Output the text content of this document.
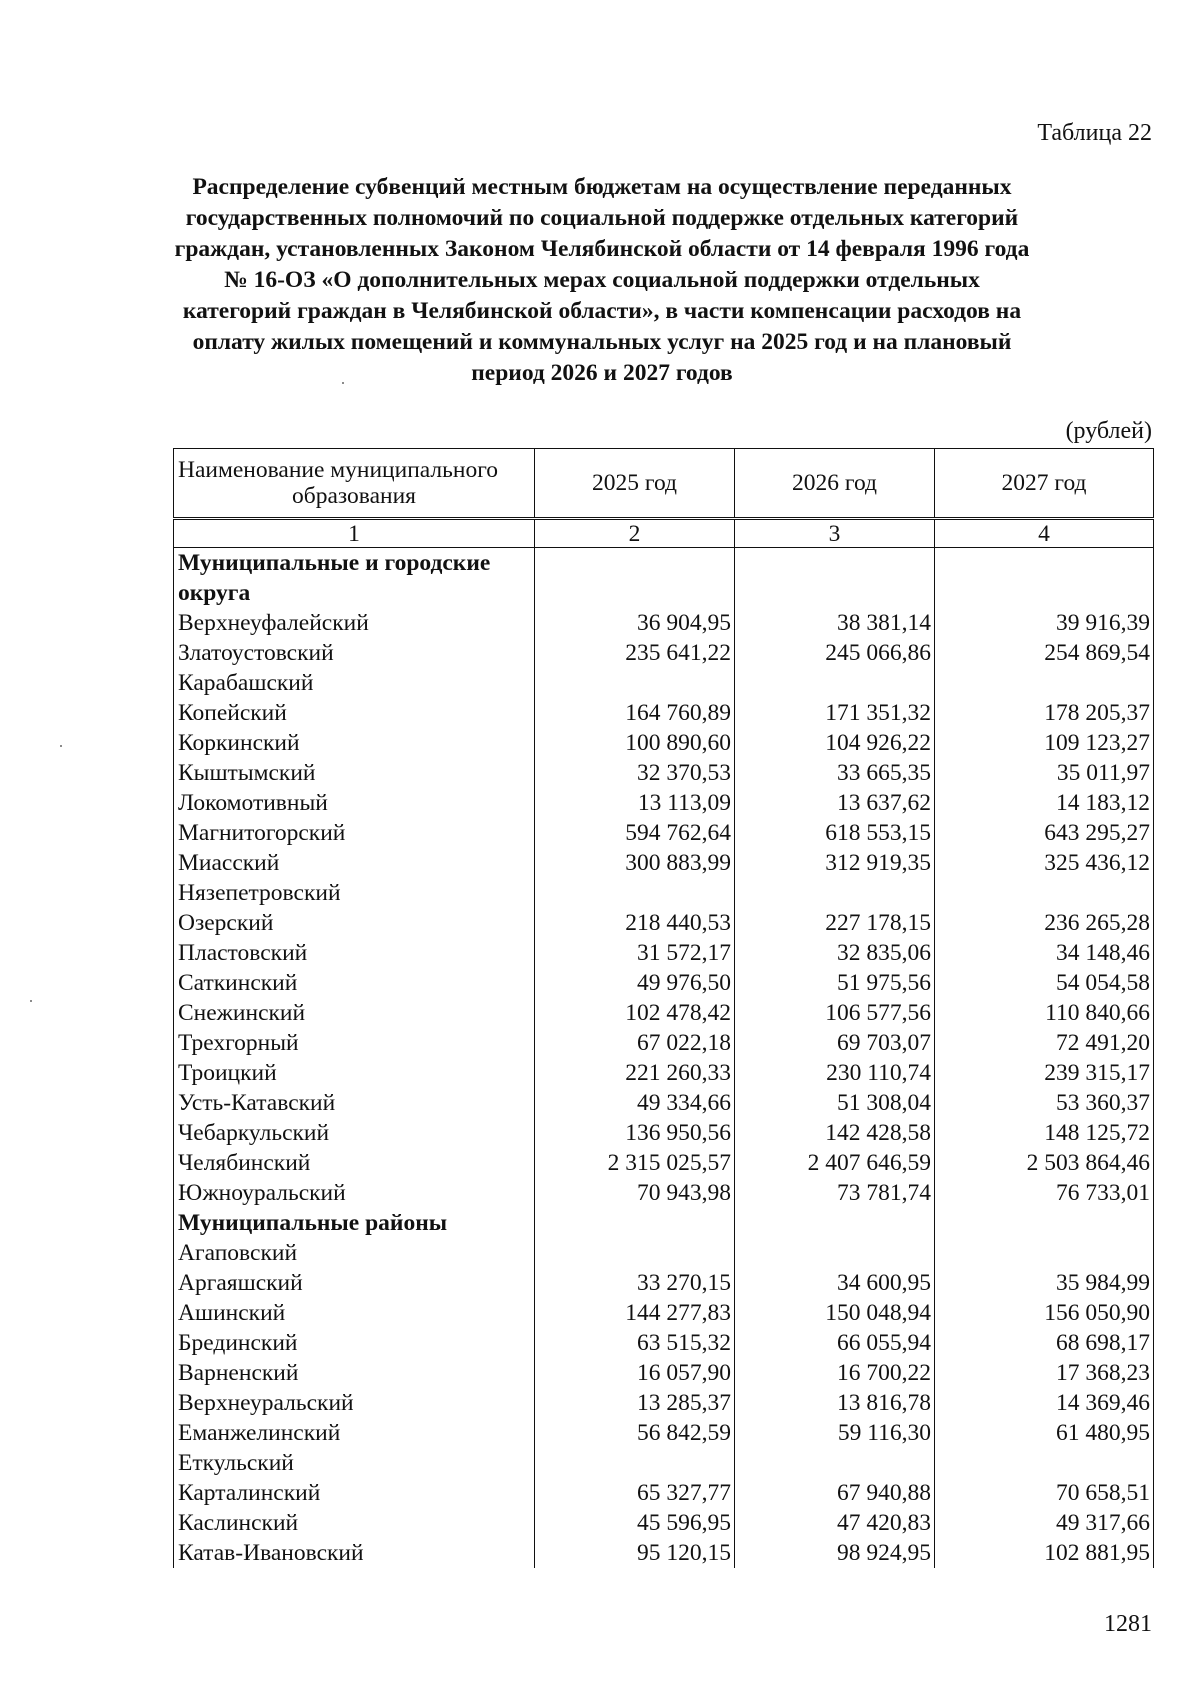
Таблица 22
Распределение субвенций местным бюджетам на осуществление переданных
государственных полномочий по социальной поддержке отдельных категорий
граждан, установленных Законом Челябинской области от 14 февраля 1996 года
№ 16-ОЗ «О дополнительных мерах социальной поддержки отдельных
категорий граждан в Челябинской области», в части компенсации расходов на
оплату жилых помещений и коммунальных услуг на 2025 год и на плановый
период 2026 и 2027 годов
(рублей)
Наименование муниципального
образования	2025 год	2026 год	2027 год
1	2	3	4

Муниципальные и городские
округа			

Верхнеуфалейский	36 904,95	38 381,14	39 916,39
Златоустовский	235 641,22	245 066,86	254 869,54
Карабашский			
Копейский	164 760,89	171 351,32	178 205,37
Коркинский	100 890,60	104 926,22	109 123,27
Кыштымский	32 370,53	33 665,35	35 011,97
Локомотивный	13 113,09	13 637,62	14 183,12
Магнитогорский	594 762,64	618 553,15	643 295,27
Миасский	300 883,99	312 919,35	325 436,12
Нязепетровский			
Озерский	218 440,53	227 178,15	236 265,28
Пластовский	31 572,17	32 835,06	34 148,46
Саткинский	49 976,50	51 975,56	54 054,58
Снежинский	102 478,42	106 577,56	110 840,66
Трехгорный	67 022,18	69 703,07	72 491,20
Троицкий	221 260,33	230 110,74	239 315,17
Усть-Катавский	49 334,66	51 308,04	53 360,37
Чебаркульский	136 950,56	142 428,58	148 125,72
Челябинский	2 315 025,57	2 407 646,59	2 503 864,46
Южноуральский	70 943,98	73 781,74	76 733,01

Муниципальные районы			

Агаповский			
Аргаяшский	33 270,15	34 600,95	35 984,99
Ашинский	144 277,83	150 048,94	156 050,90
Брединский	63 515,32	66 055,94	68 698,17
Варненский	16 057,90	16 700,22	17 368,23
Верхнеуральский	13 285,37	13 816,78	14 369,46
Еманжелинский	56 842,59	59 116,30	61 480,95
Еткульский			
Карталинский	65 327,77	67 940,88	70 658,51
Каслинский	45 596,95	47 420,83	49 317,66
Катав-Ивановский	95 120,15	98 924,95	102 881,95
1281
